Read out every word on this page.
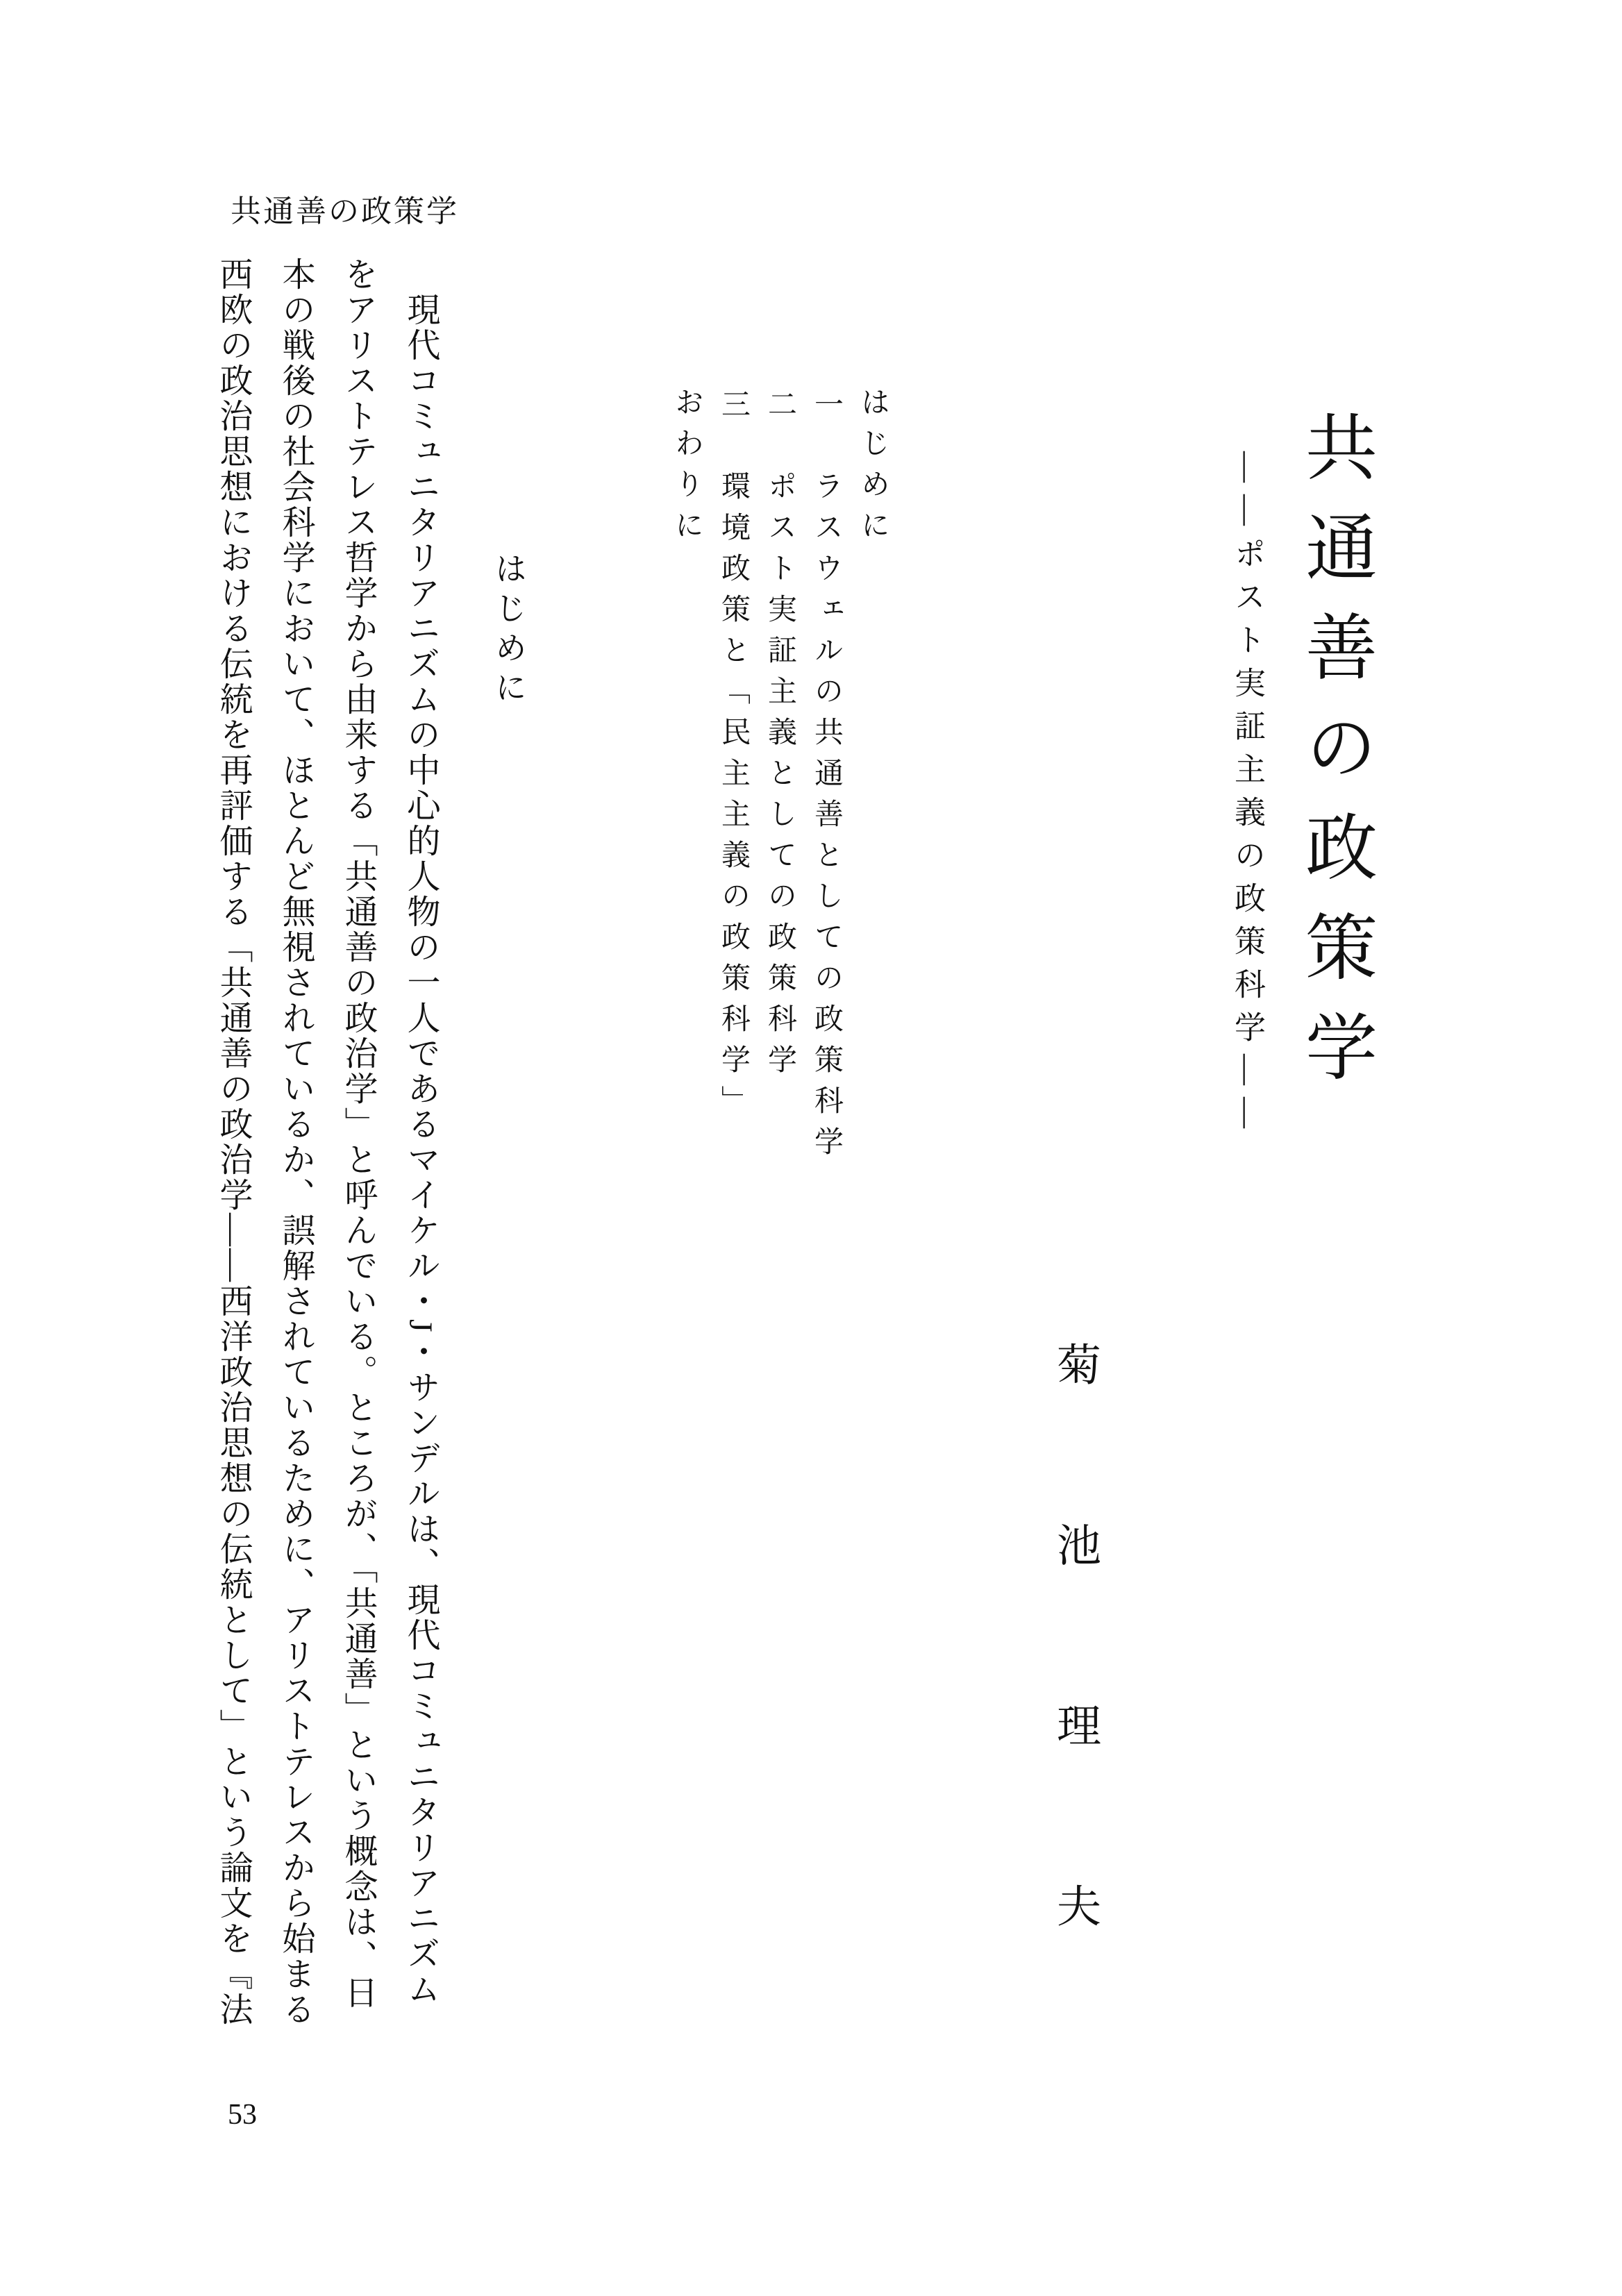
共通善の政策学
共通善の政策学
――ポスト実証主義の政策科学――
はじめに
一　ラスウェルの共通善としての政策科学
二　ポスト実証主義としての政策科学
三　環境政策と「民主主義の政策科学」
おわりに
菊池理夫
はじめに
現代コミュニタリアニズムの中心的人物の一人であるマイケル・J・サンデルは、現代コミュニタリアニズム
をアリストテレス哲学から由来する「共通善の政治学」と呼んでいる。ところが、「共通善」という概念は、日
本の戦後の社会科学において、ほとんど無視されているか、誤解されているために、アリストテレスから始まる
西欧の政治思想における伝統を再評価する「共通善の政治学――西洋政治思想の伝統として」という論文を『法
53
